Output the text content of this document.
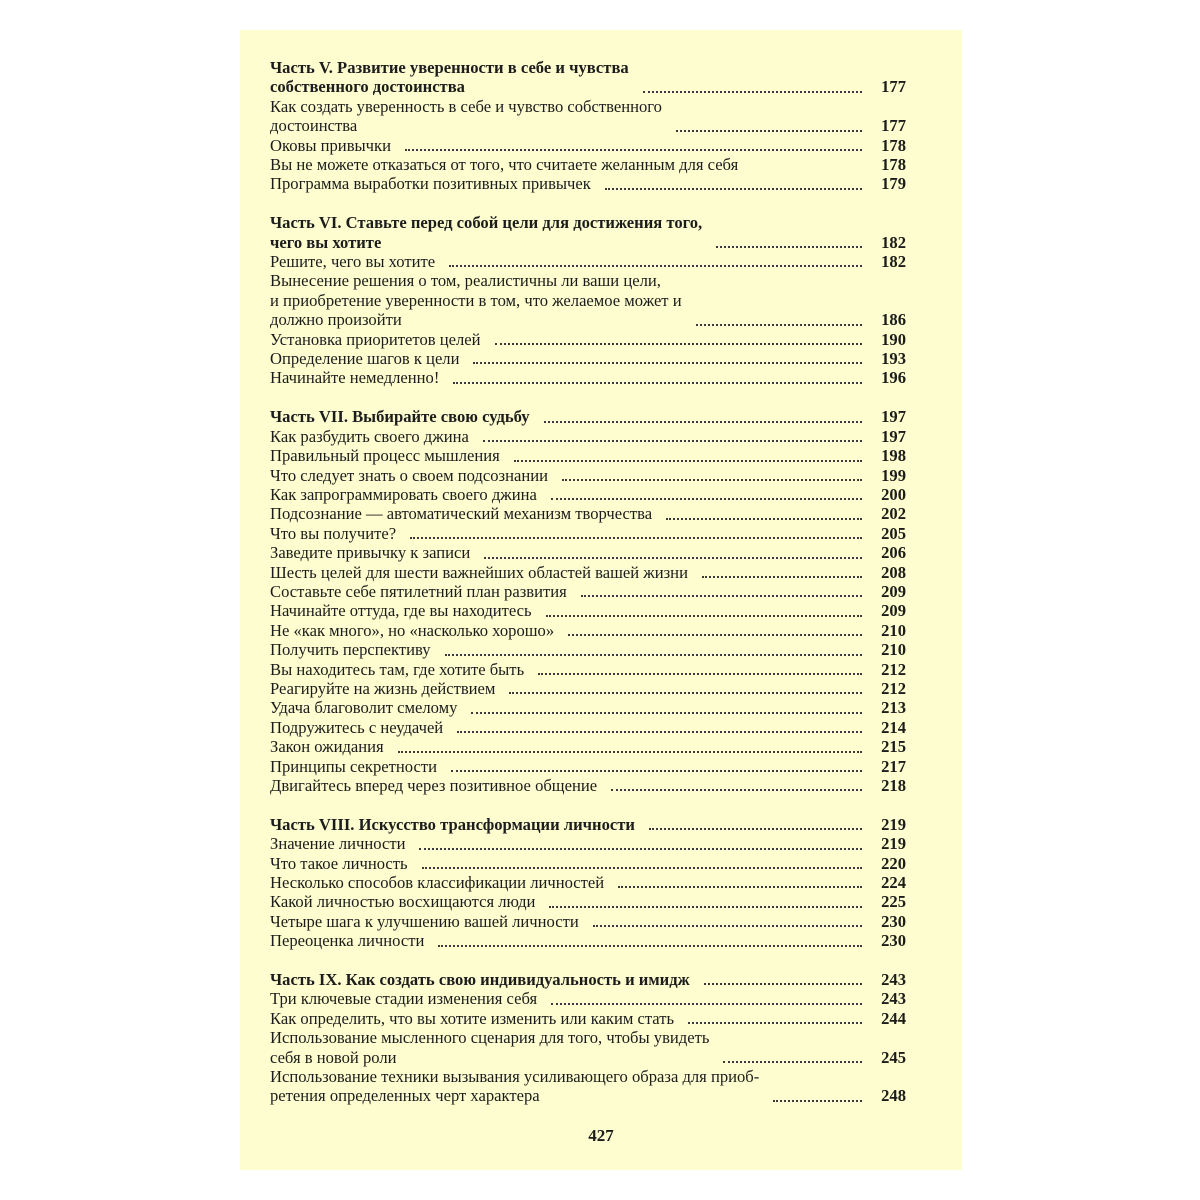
Часть V. Развитие уверенности в себе и чувства
собственного достоинства	177
Как создать уверенность в себе и чувство собственного
достоинства	177
Оковы привычки	178
Вы не можете отказаться от того, что считаете желанным для себя	178
Программа выработки позитивных привычек	179
Часть VI. Ставьте перед собой цели для достижения того,
чего вы хотите	182
Решите, чего вы хотите	182
Вынесение решения о том, реалистичны ли ваши цели,
и приобретение уверенности в том, что желаемое может и
должно произойти	186
Установка приоритетов целей	190
Определение шагов к цели	193
Начинайте немедленно!	196
Часть VII. Выбирайте свою судьбу	197
Как разбудить своего джина	197
Правильный процесс мышления	198
Что следует знать о своем подсознании	199
Как запрограммировать своего джина	200
Подсознание — автоматический механизм творчества	202
Что вы получите?	205
Заведите привычку к записи	206
Шесть целей для шести важнейших областей вашей жизни	208
Составьте себе пятилетний план развития	209
Начинайте оттуда, где вы находитесь	209
Не «как много», но «насколько хорошо»	210
Получить перспективу	210
Вы находитесь там, где хотите быть	212
Реагируйте на жизнь действием	212
Удача благоволит смелому	213
Подружитесь с неудачей	214
Закон ожидания	215
Принципы секретности	217
Двигайтесь вперед через позитивное общение	218
Часть VIII. Искусство трансформации личности	219
Значение личности	219
Что такое личность	220
Несколько способов классификации личностей	224
Какой личностью восхищаются люди	225
Четыре шага к улучшению вашей личности	230
Переоценка личности	230
Часть IX. Как создать свою индивидуальность и имидж	243
Три ключевые стадии изменения себя	243
Как определить, что вы хотите изменить или каким стать	244
Использование мысленного сценария для того, чтобы увидеть
себя в новой роли	245
Использование техники вызывания усиливающего образа для приоб-
ретения определенных черт характера	248
427
